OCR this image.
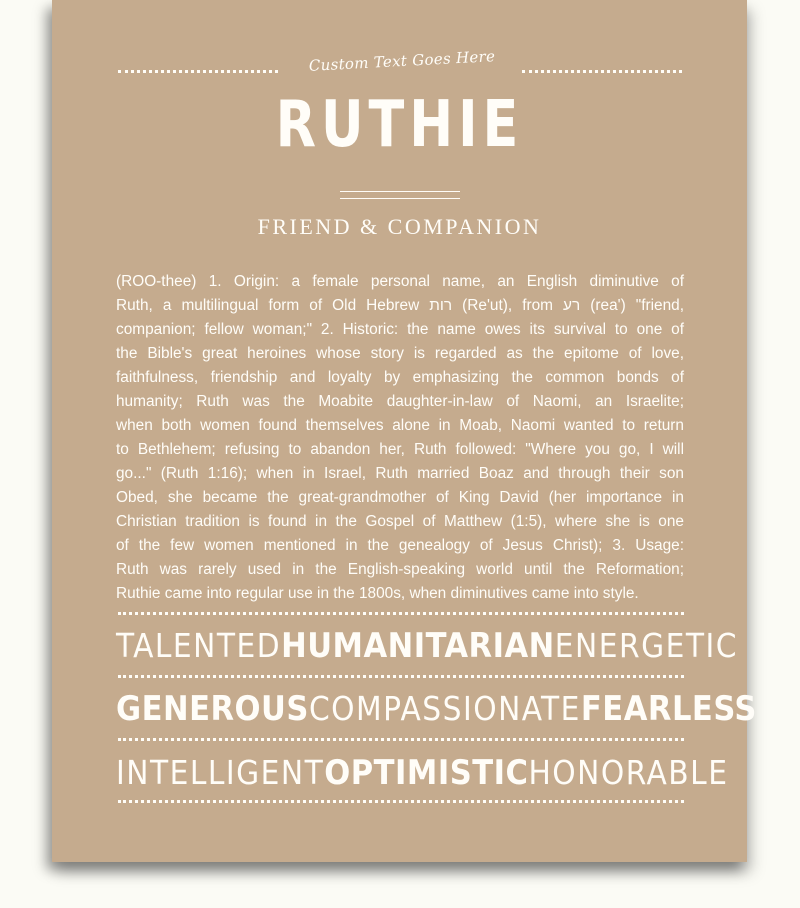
Custom Text Goes Here
RUTHIE
FRIEND & COMPANION
(ROO-thee) 1. Origin: a female personal name, an English diminutive of
Ruth, a multilingual form of Old Hebrew רות (Re'ut), from רע (rea') "friend,
companion; fellow woman;" 2. Historic: the name owes its survival to one of
the Bible's great heroines whose story is regarded as the epitome of love,
faithfulness, friendship and loyalty by emphasizing the common bonds of
humanity; Ruth was the Moabite daughter-in-law of Naomi, an Israelite;
when both women found themselves alone in Moab, Naomi wanted to return
to Bethlehem; refusing to abandon her, Ruth followed: "Where you go, I will
go..." (Ruth 1:16); when in Israel, Ruth married Boaz and through their son
Obed, she became the great-grandmother of King David (her importance in
Christian tradition is found in the Gospel of Matthew (1:5), where she is one
of the few women mentioned in the genealogy of Jesus Christ); 3. Usage:
Ruth was rarely used in the English-speaking world until the Reformation;
Ruthie came into regular use in the 1800s, when diminutives came into style.
TALENTED HUMANITARIAN ENERGETIC
GENEROUS COMPASSIONATE FEARLESS
INTELLIGENT OPTIMISTIC HONORABLE
